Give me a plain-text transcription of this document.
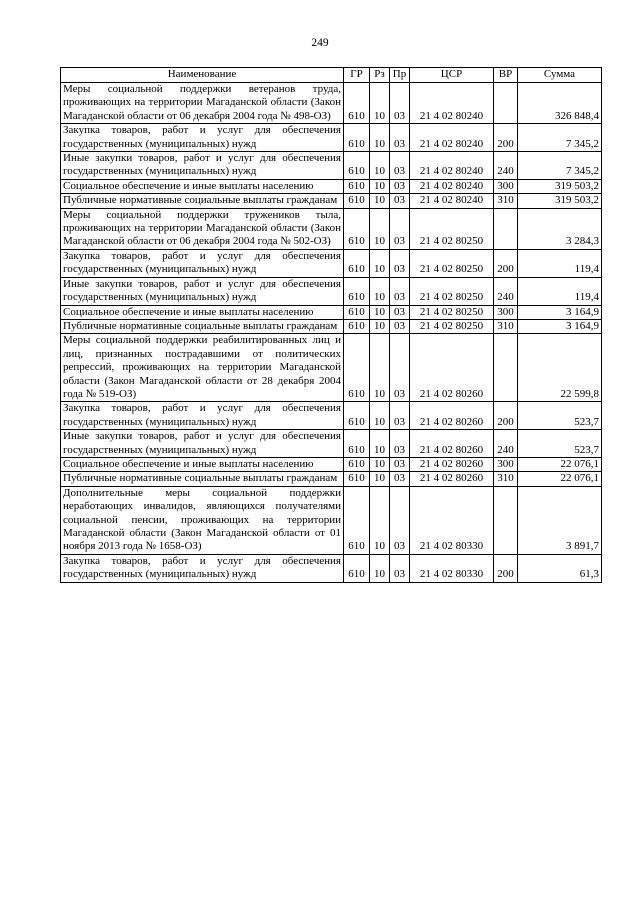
249
Наименование	ГР	Рз	Пр	ЦСР	ВР	Сумма
Меры социальной поддержки ветеранов труда, проживающих на территории Магаданской области (Закон Магаданской области от 06 декабря 2004 года № 498-ОЗ)	610	10	03	21 4 02 80240		326 848,4
Закупка товаров, работ и услуг для обеспечения государственных (муниципальных) нужд	610	10	03	21 4 02 80240	200	7 345,2
Иные закупки товаров, работ и услуг для обеспечения государственных (муниципальных) нужд	610	10	03	21 4 02 80240	240	7 345,2
Социальное обеспечение и иные выплаты населению	610	10	03	21 4 02 80240	300	319 503,2
Публичные нормативные социальные выплаты гражданам	610	10	03	21 4 02 80240	310	319 503,2
Меры социальной поддержки тружеников тыла, проживающих на территории Магаданской области (Закон Магаданской области от 06 декабря 2004 года № 502-ОЗ)	610	10	03	21 4 02 80250		3 284,3
Закупка товаров, работ и услуг для обеспечения государственных (муниципальных) нужд	610	10	03	21 4 02 80250	200	119,4
Иные закупки товаров, работ и услуг для обеспечения государственных (муниципальных) нужд	610	10	03	21 4 02 80250	240	119,4
Социальное обеспечение и иные выплаты населению	610	10	03	21 4 02 80250	300	3 164,9
Публичные нормативные социальные выплаты гражданам	610	10	03	21 4 02 80250	310	3 164,9
Меры социальной поддержки реабилитированных лиц и лиц, признанных пострадавшими от политических репрессий, проживающих на территории Магаданской области (Закон Магаданской области от 28 декабря 2004 года № 519-ОЗ)	610	10	03	21 4 02 80260		22 599,8
Закупка товаров, работ и услуг для обеспечения государственных (муниципальных) нужд	610	10	03	21 4 02 80260	200	523,7
Иные закупки товаров, работ и услуг для обеспечения государственных (муниципальных) нужд	610	10	03	21 4 02 80260	240	523,7
Социальное обеспечение и иные выплаты населению	610	10	03	21 4 02 80260	300	22 076,1
Публичные нормативные социальные выплаты гражданам	610	10	03	21 4 02 80260	310	22 076,1
Дополнительные меры социальной поддержки неработающих инвалидов, являющихся получателями социальной пенсии, проживающих на территории Магаданской области (Закон Магаданской области от 01 ноября 2013 года № 1658-ОЗ)	610	10	03	21 4 02 80330		3 891,7
Закупка товаров, работ и услуг для обеспечения государственных (муниципальных) нужд	610	10	03	21 4 02 80330	200	61,3
